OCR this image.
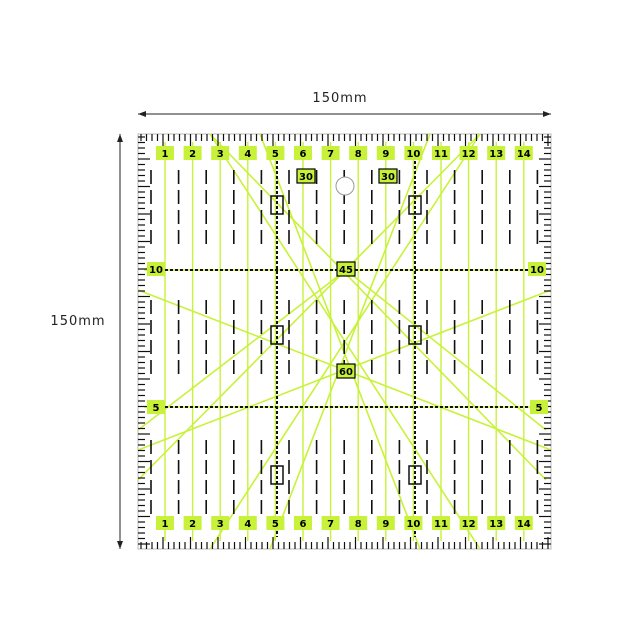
150mm
150mm
1 2 3 4 5 6 7 8 9 10 11 12 13 14
1 2 3 4 5 6 7 8 9 10 11 12 13 14
10	10
5	5
30	30
45
60
